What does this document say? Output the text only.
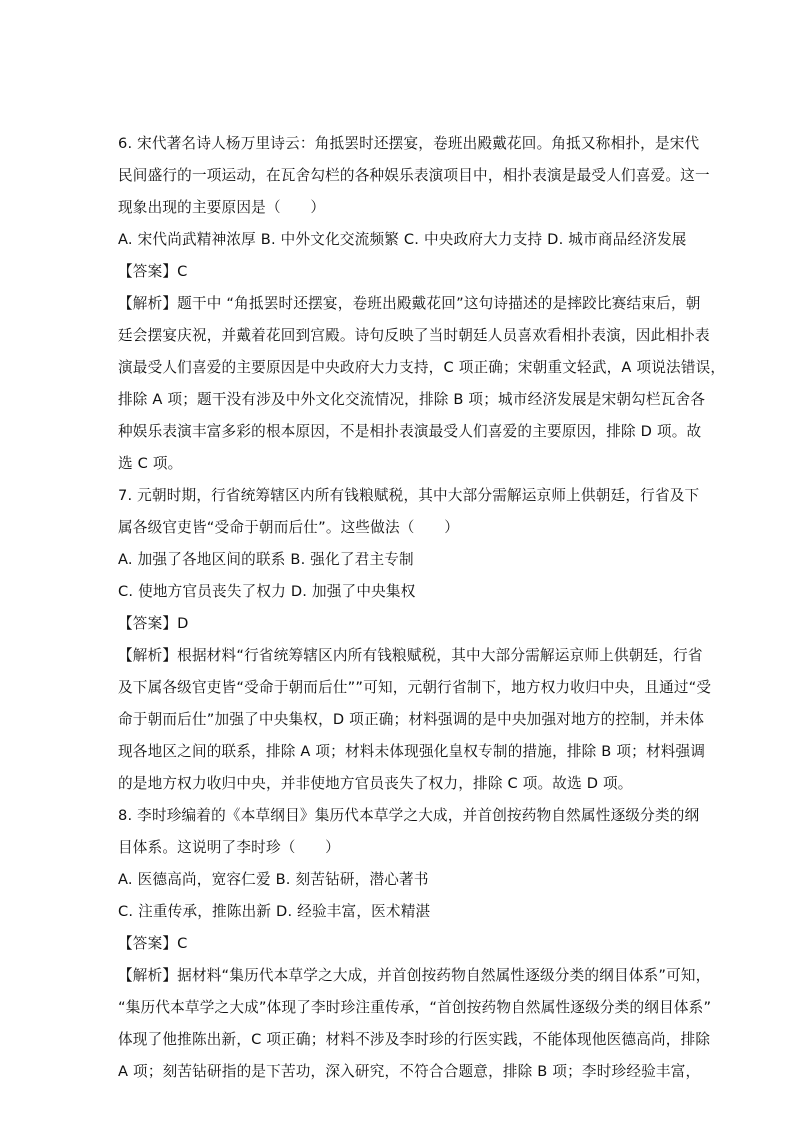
6. 宋代著名诗人杨万里诗云：角抵罢时还摆宴，卷班出殿戴花回。角抵又称相扑，是宋代
民间盛行的一项运动，在瓦舍勾栏的各种娱乐表演项目中，相扑表演是最受人们喜爱。这一
现象出现的主要原因是（　　）
A. 宋代尚武精神浓厚 B. 中外文化交流频繁 C. 中央政府大力支持 D. 城市商品经济发展
【答案】C
【解析】题干中 “角抵罢时还摆宴，卷班出殿戴花回”这句诗描述的是摔跤比赛结束后，朝
廷会摆宴庆祝，并戴着花回到宫殿。诗句反映了当时朝廷人员喜欢看相扑表演，因此相扑表
演最受人们喜爱的主要原因是中央政府大力支持，C 项正确；宋朝重文轻武，A 项说法错误，
排除 A 项；题干没有涉及中外文化交流情况，排除 B 项；城市经济发展是宋朝勾栏瓦舍各
种娱乐表演丰富多彩的根本原因，不是相扑表演最受人们喜爱的主要原因，排除 D 项。故
选 C 项。
7. 元朝时期，行省统筹辖区内所有钱粮赋税，其中大部分需解运京师上供朝廷，行省及下
属各级官吏皆“受命于朝而后仕”。这些做法（　　）
A. 加强了各地区间的联系 B. 强化了君主专制
C. 使地方官员丧失了权力 D. 加强了中央集权
【答案】D
【解析】根据材料“行省统筹辖区内所有钱粮赋税，其中大部分需解运京师上供朝廷，行省
及下属各级官吏皆“受命于朝而后仕””可知，元朝行省制下，地方权力收归中央，且通过“受
命于朝而后仕”加强了中央集权，D 项正确；材料强调的是中央加强对地方的控制，并未体
现各地区之间的联系，排除 A 项；材料未体现强化皇权专制的措施，排除 B 项；材料强调
的是地方权力收归中央，并非使地方官员丧失了权力，排除 C 项。故选 D 项。
8. 李时珍编着的《本草纲目》集历代本草学之大成，并首创按药物自然属性逐级分类的纲
目体系。这说明了李时珍（　　）
A. 医德高尚，宽容仁爱 B. 刻苦钻研，潜心著书
C. 注重传承，推陈出新 D. 经验丰富，医术精湛
【答案】C
【解析】据材料“集历代本草学之大成，并首创按药物自然属性逐级分类的纲目体系”可知，
“集历代本草学之大成”体现了李时珍注重传承，“首创按药物自然属性逐级分类的纲目体系”
体现了他推陈出新，C 项正确；材料不涉及李时珍的行医实践，不能体现他医德高尚，排除
A 项；刻苦钻研指的是下苦功，深入研究，不符合合题意，排除 B 项；李时珍经验丰富，
